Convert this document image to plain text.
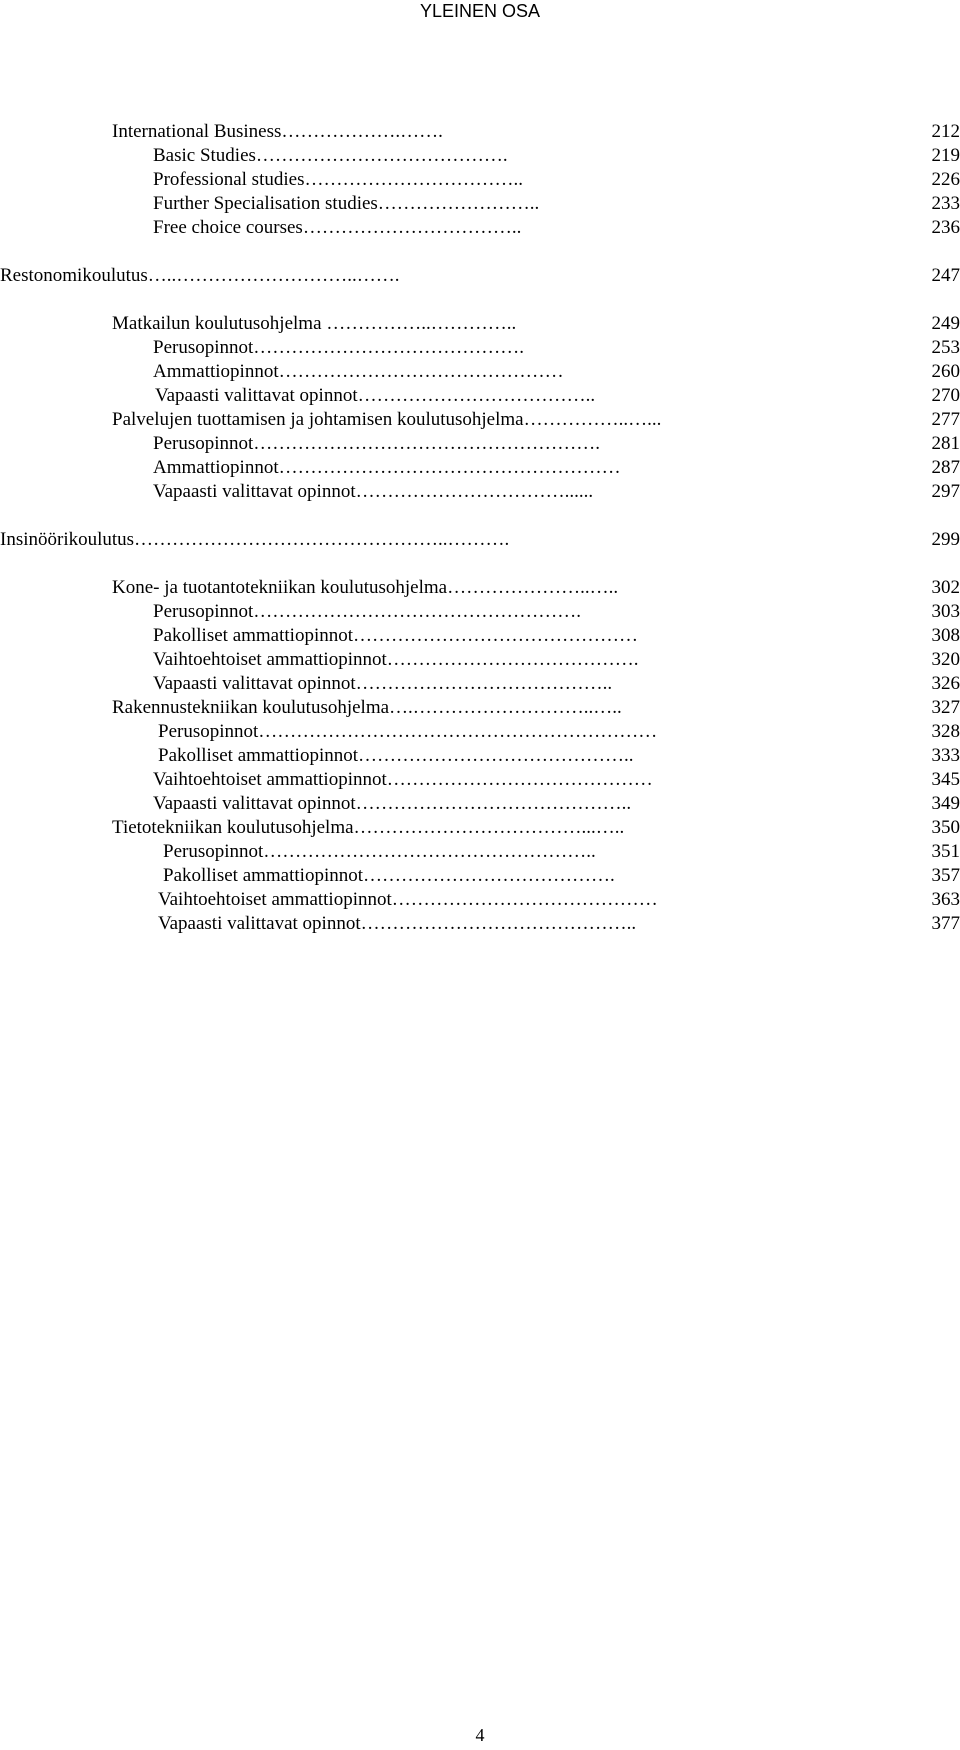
YLEINEN OSA
International Business……………….…….	212
Basic Studies………………………………….	219
Professional studies……………………………..	226
Further Specialisation studies……………………..	233
Free choice courses……………………………..	236
Restonomikoulutus…..………………………..…….	247
Matkailun koulutusohjelma ……………..…………..	249
Perusopinnot…………………………………….	253
Ammattiopinnot………………………………………	260
Vapaasti valittavat opinnot………………………………..	270
Palvelujen tuottamisen ja johtamisen koulutusohjelma……………..…...	277
Perusopinnot……………………………………………….	281
Ammattiopinnot………………………………………………	287
Vapaasti valittavat opinnot……………………………......	297
Insinöörikoulutus…………………………………………..……….	299
Kone- ja tuotantotekniikan koulutusohjelma…………………..…..	302
Perusopinnot…………………………………………….	303
Pakolliset ammattiopinnot………………………………………	308
Vaihtoehtoiset ammattiopinnot………………………………….	320
Vapaasti valittavat opinnot…………………………………..	326
Rakennustekniikan koulutusohjelma….………………………..…..	327
Perusopinnot………………………………………………………	328
Pakolliset ammattiopinnot……………………………………..	333
Vaihtoehtoiset ammattiopinnot……………………………………	345
Vapaasti valittavat opinnot……………………………………..	349
Tietotekniikan koulutusohjelma………………………………...…..	350
Perusopinnot……………………………………………..	351
Pakolliset ammattiopinnot………………………………….	357
Vaihtoehtoiset ammattiopinnot……………………………………	363
Vapaasti valittavat opinnot……………………………………..	377
4
